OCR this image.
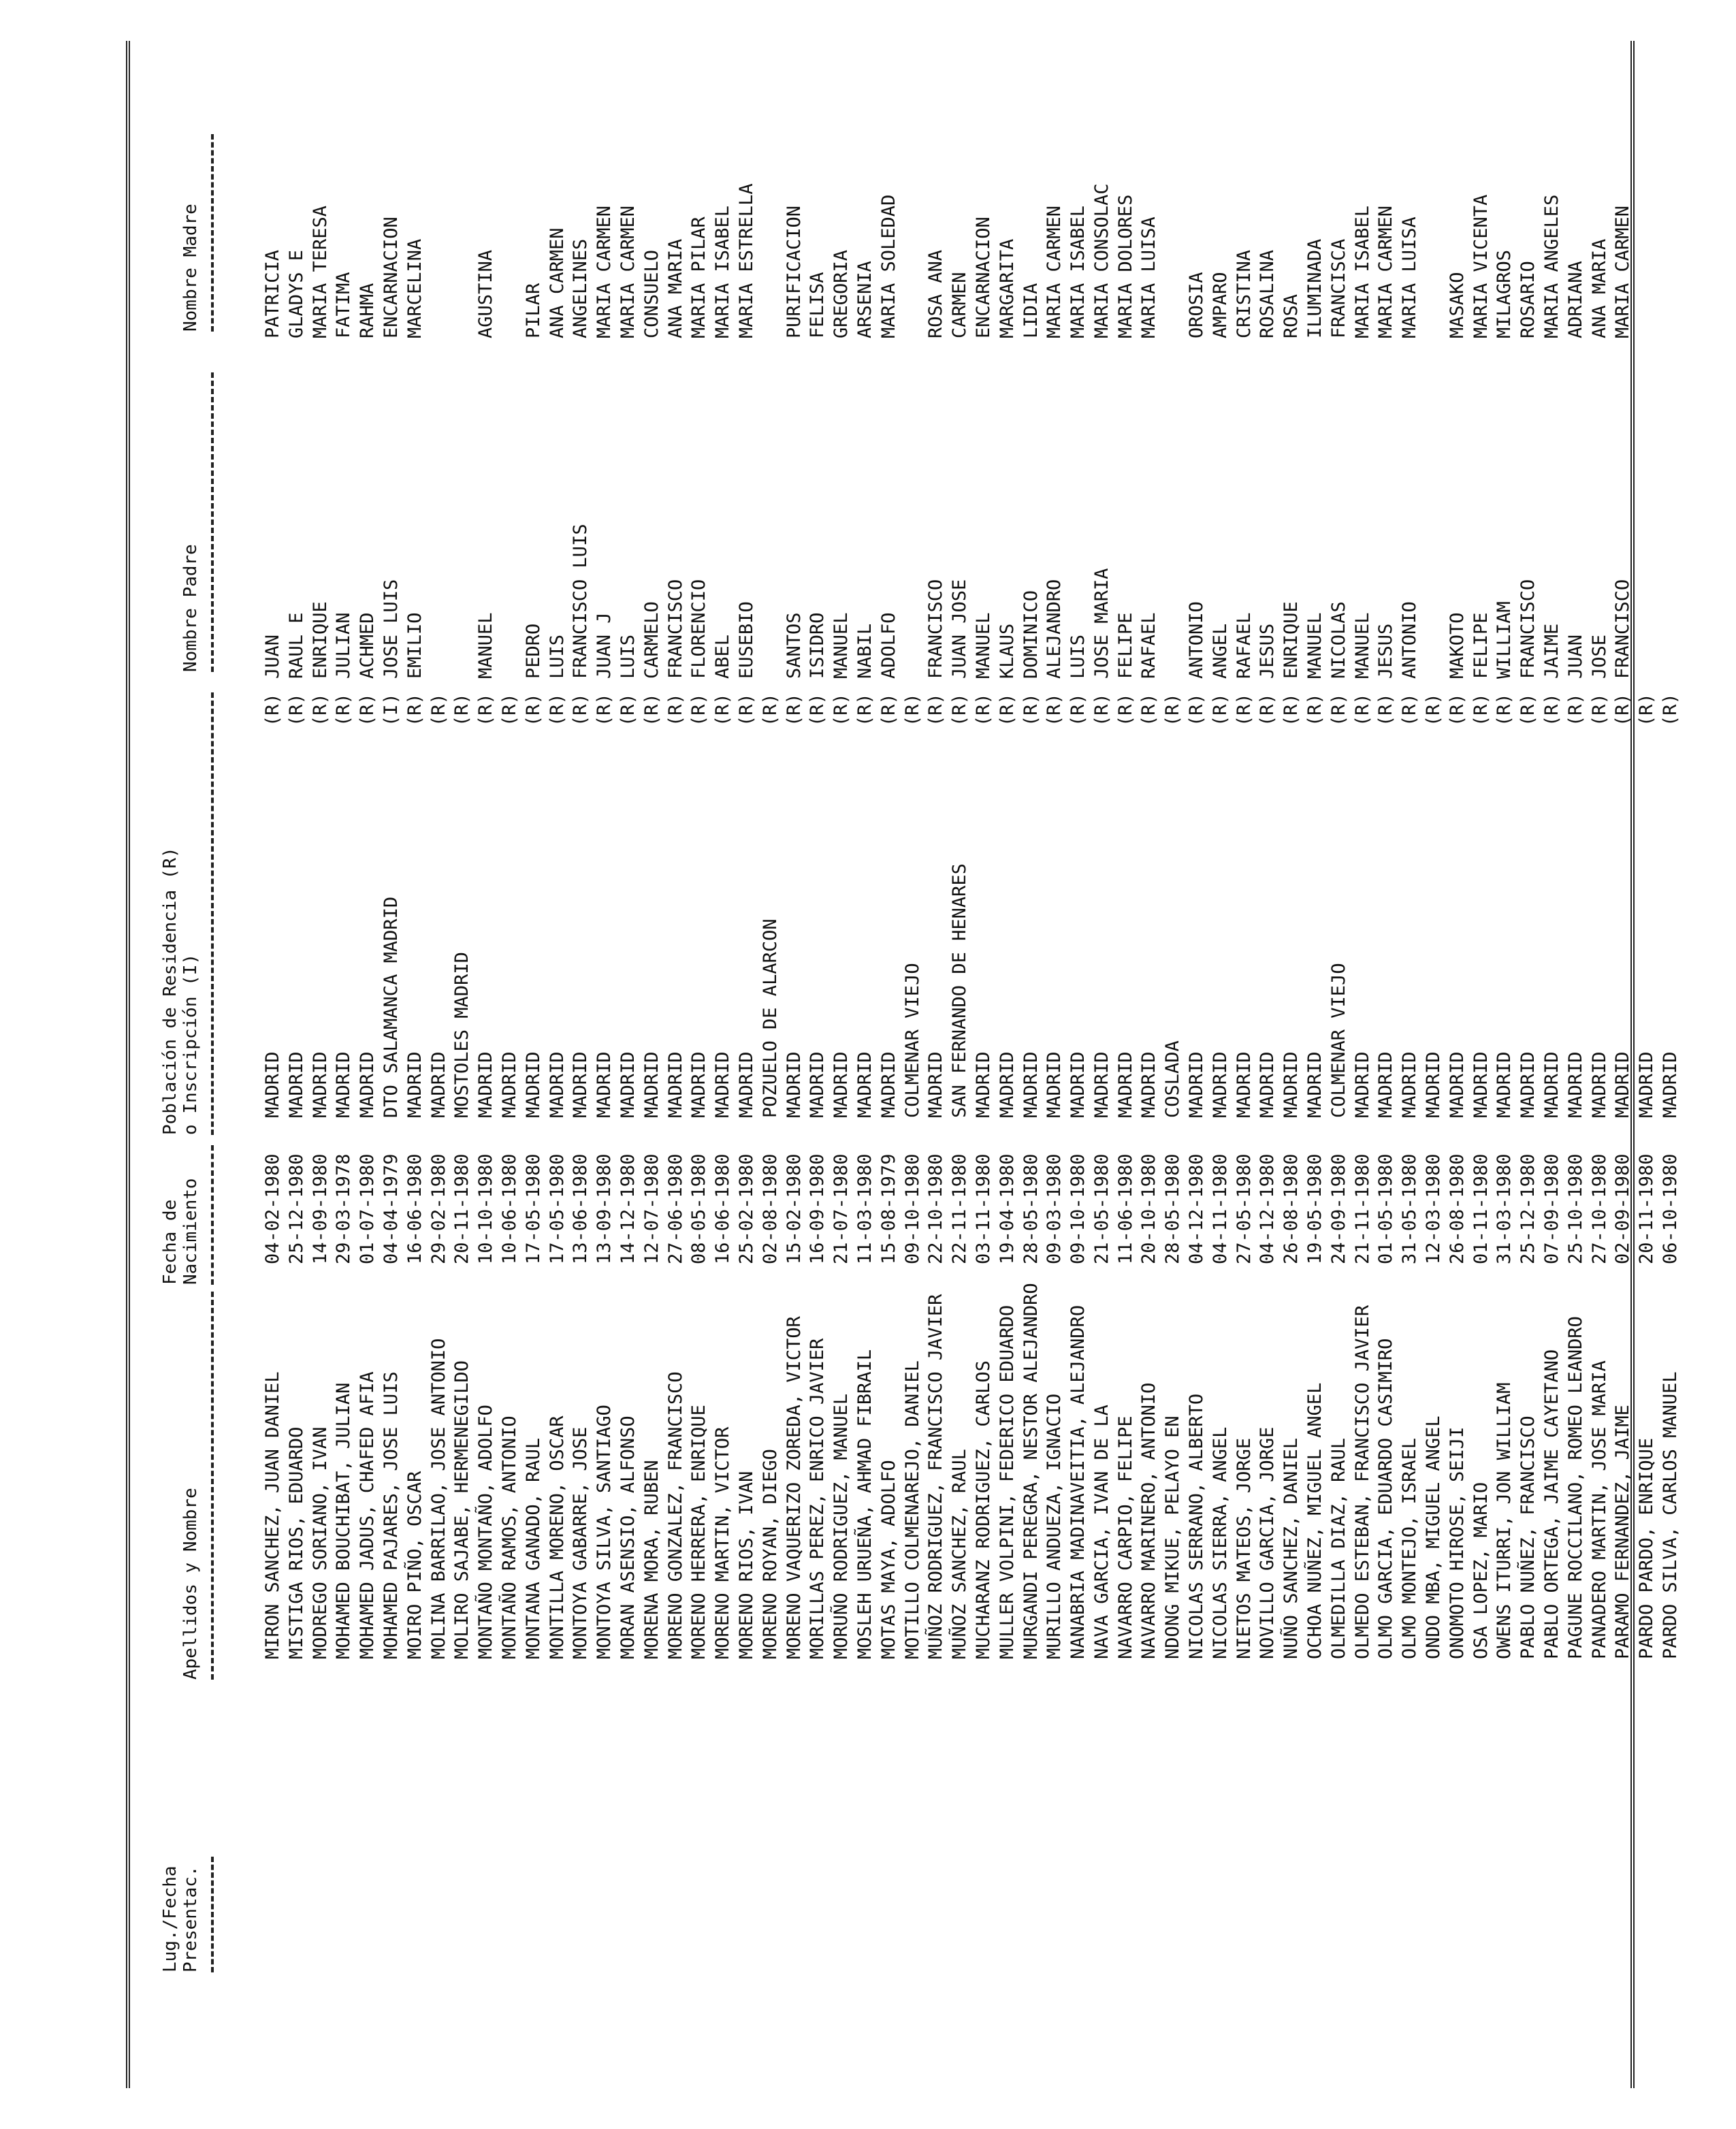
Lug./Fecha
Presentac.
Apellidos y Nombre
Fecha de
Nacimiento
Población de Residencia (R)
o Inscripción (I)
Nombre Padre
Nombre Madre
MIRON SANCHEZ, JUAN DANIEL
04-02-1980
MADRID
(R)
JUAN
PATRICIA
MISTIGA RIOS, EDUARDO
25-12-1980
MADRID
(R)
RAUL E
GLADYS E
MODREGO SORIANO, IVAN
14-09-1980
MADRID
(R)
ENRIQUE
MARIA TERESA
MOHAMED BOUCHIBAT, JULIAN
29-03-1978
MADRID
(R)
JULIAN
FATIMA
MOHAMED JADUS, CHAFED AFIA
01-07-1980
MADRID
(R)
ACHMED
RAHMA
MOHAMED PAJARES, JOSE LUIS
04-04-1979
DTO SALAMANCA MADRID
(I)
JOSE LUIS
ENCARNACION
MOIRO PIÑO, OSCAR
16-06-1980
MADRID
(R)
EMILIO
MARCELINA
MOLINA BARRILAO, JOSE ANTONIO
29-02-1980
MADRID
(R)
MOLIRO SAJABE, HERMENEGILDO
20-11-1980
MOSTOLES MADRID
(R)
MONTAÑO MONTAÑO, ADOLFO
10-10-1980
MADRID
(R)
MANUEL
AGUSTINA
MONTAÑO RAMOS, ANTONIO
10-06-1980
MADRID
(R)
MONTANA GANADO, RAUL
17-05-1980
MADRID
(R)
PEDRO
PILAR
MONTILLA MORENO, OSCAR
17-05-1980
MADRID
(R)
LUIS
ANA CARMEN
MONTOYA GABARRE, JOSE
13-06-1980
MADRID
(R)
FRANCISCO LUIS
ANGELINES
MONTOYA SILVA, SANTIAGO
13-09-1980
MADRID
(R)
JUAN J
MARIA CARMEN
MORAN ASENSIO, ALFONSO
14-12-1980
MADRID
(R)
LUIS
MARIA CARMEN
MORENA MORA, RUBEN
12-07-1980
MADRID
(R)
CARMELO
CONSUELO
MORENO GONZALEZ, FRANCISCO
27-06-1980
MADRID
(R)
FRANCISCO
ANA MARIA
MORENO HERRERA, ENRIQUE
08-05-1980
MADRID
(R)
FLORENCIO
MARIA PILAR
MORENO MARTIN, VICTOR
16-06-1980
MADRID
(R)
ABEL
MARIA ISABEL
MORENO RIOS, IVAN
25-02-1980
MADRID
(R)
EUSEBIO
MARIA ESTRELLA
MORENO ROYAN, DIEGO
02-08-1980
POZUELO DE ALARCON
(R)
MORENO VAQUERIZO ZOREDA, VICTOR
15-02-1980
MADRID
(R)
SANTOS
PURIFICACION
MORILLAS PEREZ, ENRICO JAVIER
16-09-1980
MADRID
(R)
ISIDRO
FELISA
MORUÑO RODRIGUEZ, MANUEL
21-07-1980
MADRID
(R)
MANUEL
GREGORIA
MOSLEH URUEÑA, AHMAD FIBRAIL
11-03-1980
MADRID
(R)
NABIL
ARSENIA
MOTAS MAYA, ADOLFO
15-08-1979
MADRID
(R)
ADOLFO
MARIA SOLEDAD
MOTILLO COLMENAREJO, DANIEL
09-10-1980
COLMENAR VIEJO
(R)
MUÑOZ RODRIGUEZ, FRANCISCO JAVIER
22-10-1980
MADRID
(R)
FRANCISCO
ROSA ANA
MUÑOZ SANCHEZ, RAUL
22-11-1980
SAN FERNANDO DE HENARES
(R)
JUAN JOSE
CARMEN
MUCHARANZ RODRIGUEZ, CARLOS
03-11-1980
MADRID
(R)
MANUEL
ENCARNACION
MULLER VOLPINI, FEDERICO EDUARDO
19-04-1980
MADRID
(R)
KLAUS
MARGARITA
MURGANDI PEREGRA, NESTOR ALEJANDRO
28-05-1980
MADRID
(R)
DOMINICO
LIDIA
MURILLO ANDUEZA, IGNACIO
09-03-1980
MADRID
(R)
ALEJANDRO
MARIA CARMEN
NANABRIA MADINAVEITIA, ALEJANDRO
09-10-1980
MADRID
(R)
LUIS
MARIA ISABEL
NAVA GARCIA, IVAN DE LA
21-05-1980
MADRID
(R)
JOSE MARIA
MARIA CONSOLAC
NAVARRO CARPIO, FELIPE
11-06-1980
MADRID
(R)
FELIPE
MARIA DOLORES
NAVARRO MARINERO, ANTONIO
20-10-1980
MADRID
(R)
RAFAEL
MARIA LUISA
NDONG MIKUE, PELAYO EN
28-05-1980
COSLADA
(R)
NICOLAS SERRANO, ALBERTO
04-12-1980
MADRID
(R)
ANTONIO
OROSIA
NICOLAS SIERRA, ANGEL
04-11-1980
MADRID
(R)
ANGEL
AMPARO
NIETOS MATEOS, JORGE
27-05-1980
MADRID
(R)
RAFAEL
CRISTINA
NOVILLO GARCIA, JORGE
04-12-1980
MADRID
(R)
JESUS
ROSALINA
NUÑO SANCHEZ, DANIEL
26-08-1980
MADRID
(R)
ENRIQUE
ROSA
OCHOA NUÑEZ, MIGUEL ANGEL
19-05-1980
MADRID
(R)
MANUEL
ILUMINADA
OLMEDILLA DIAZ, RAUL
24-09-1980
COLMENAR VIEJO
(R)
NICOLAS
FRANCISCA
OLMEDO ESTEBAN, FRANCISCO JAVIER
21-11-1980
MADRID
(R)
MANUEL
MARIA ISABEL
OLMO GARCIA, EDUARDO CASIMIRO
01-05-1980
MADRID
(R)
JESUS
MARIA CARMEN
OLMO MONTEJO, ISRAEL
31-05-1980
MADRID
(R)
ANTONIO
MARIA LUISA
ONDO MBA, MIGUEL ANGEL
12-03-1980
MADRID
(R)
ONOMOTO HIROSE, SEIJI
26-08-1980
MADRID
(R)
MAKOTO
MASAKO
OSA LOPEZ, MARIO
01-11-1980
MADRID
(R)
FELIPE
MARIA VICENTA
OWENS ITURRI, JON WILLIAM
31-03-1980
MADRID
(R)
WILLIAM
MILAGROS
PABLO NUÑEZ, FRANCISCO
25-12-1980
MADRID
(R)
FRANCISCO
ROSARIO
PABLO ORTEGA, JAIME CAYETANO
07-09-1980
MADRID
(R)
JAIME
MARIA ANGELES
PAGUNE ROCCILANO, ROMEO LEANDRO
25-10-1980
MADRID
(R)
JUAN
ADRIANA
PANADERO MARTIN, JOSE MARIA
27-10-1980
MADRID
(R)
JOSE
ANA MARIA
PARAMO FERNANDEZ, JAIME
02-09-1980
MADRID
(R)
FRANCISCO
MARIA CARMEN
PARDO PARDO, ENRIQUE
20-11-1980
MADRID
(R)
PARDO SILVA, CARLOS MANUEL
06-10-1980
MADRID
(R)
